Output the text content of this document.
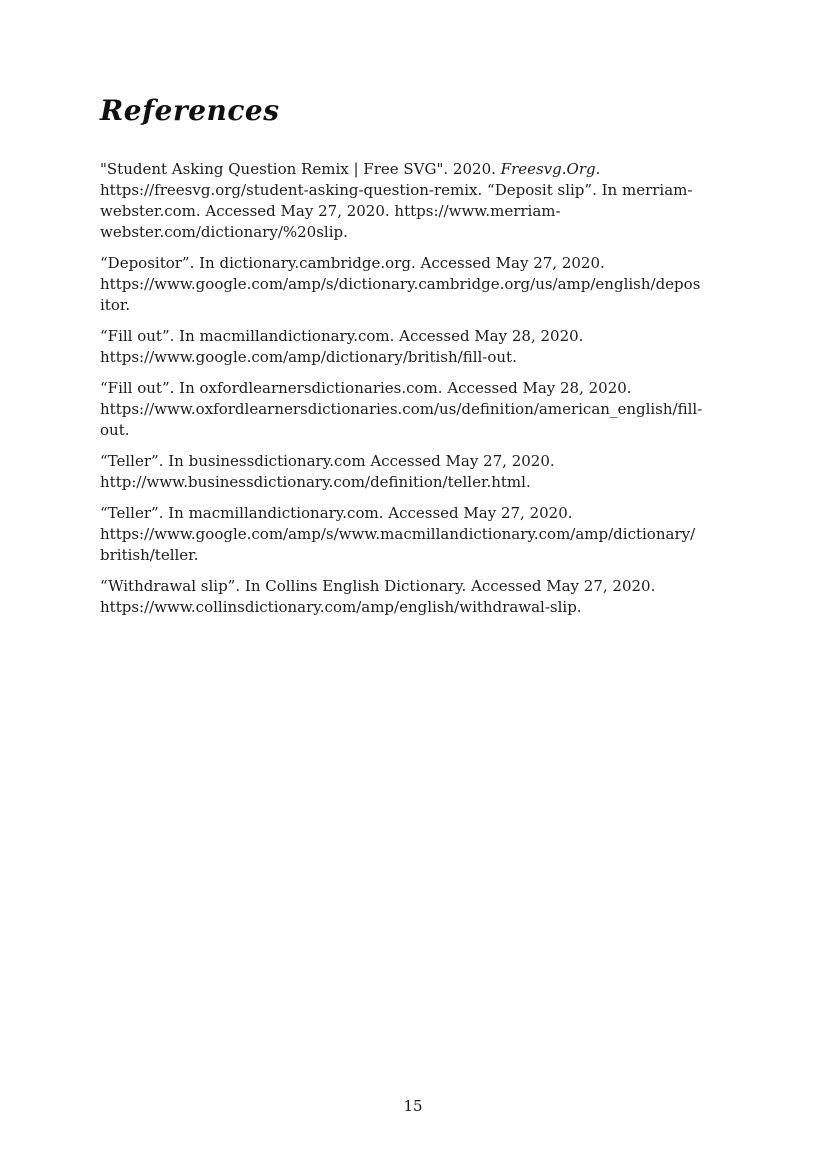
References
"Student Asking Question Remix | Free SVG". 2020. Freesvg.Org.
https://freesvg.org/student-asking-question-remix. “Deposit slip”. In merriam-
webster.com. Accessed May 27, 2020. https://www.merriam-
webster.com/dictionary/%20slip.
“Depositor”. In dictionary.cambridge.org. Accessed May 27, 2020.
https://www.google.com/amp/s/dictionary.cambridge.org/us/amp/english/depos
itor.
“Fill out”. In macmillandictionary.com. Accessed May 28, 2020.
https://www.google.com/amp/dictionary/british/fill-out.
“Fill out”. In oxfordlearnersdictionaries.com. Accessed May 28, 2020.
https://www.oxfordlearnersdictionaries.com/us/definition/american_english/fill-
out.
“Teller”. In businessdictionary.com Accessed May 27, 2020.
http://www.businessdictionary.com/definition/teller.html.
“Teller”. In macmillandictionary.com. Accessed May 27, 2020.
https://www.google.com/amp/s/www.macmillandictionary.com/amp/dictionary/
british/teller.
“Withdrawal slip”. In Collins English Dictionary. Accessed May 27, 2020.
https://www.collinsdictionary.com/amp/english/withdrawal-slip.
15
